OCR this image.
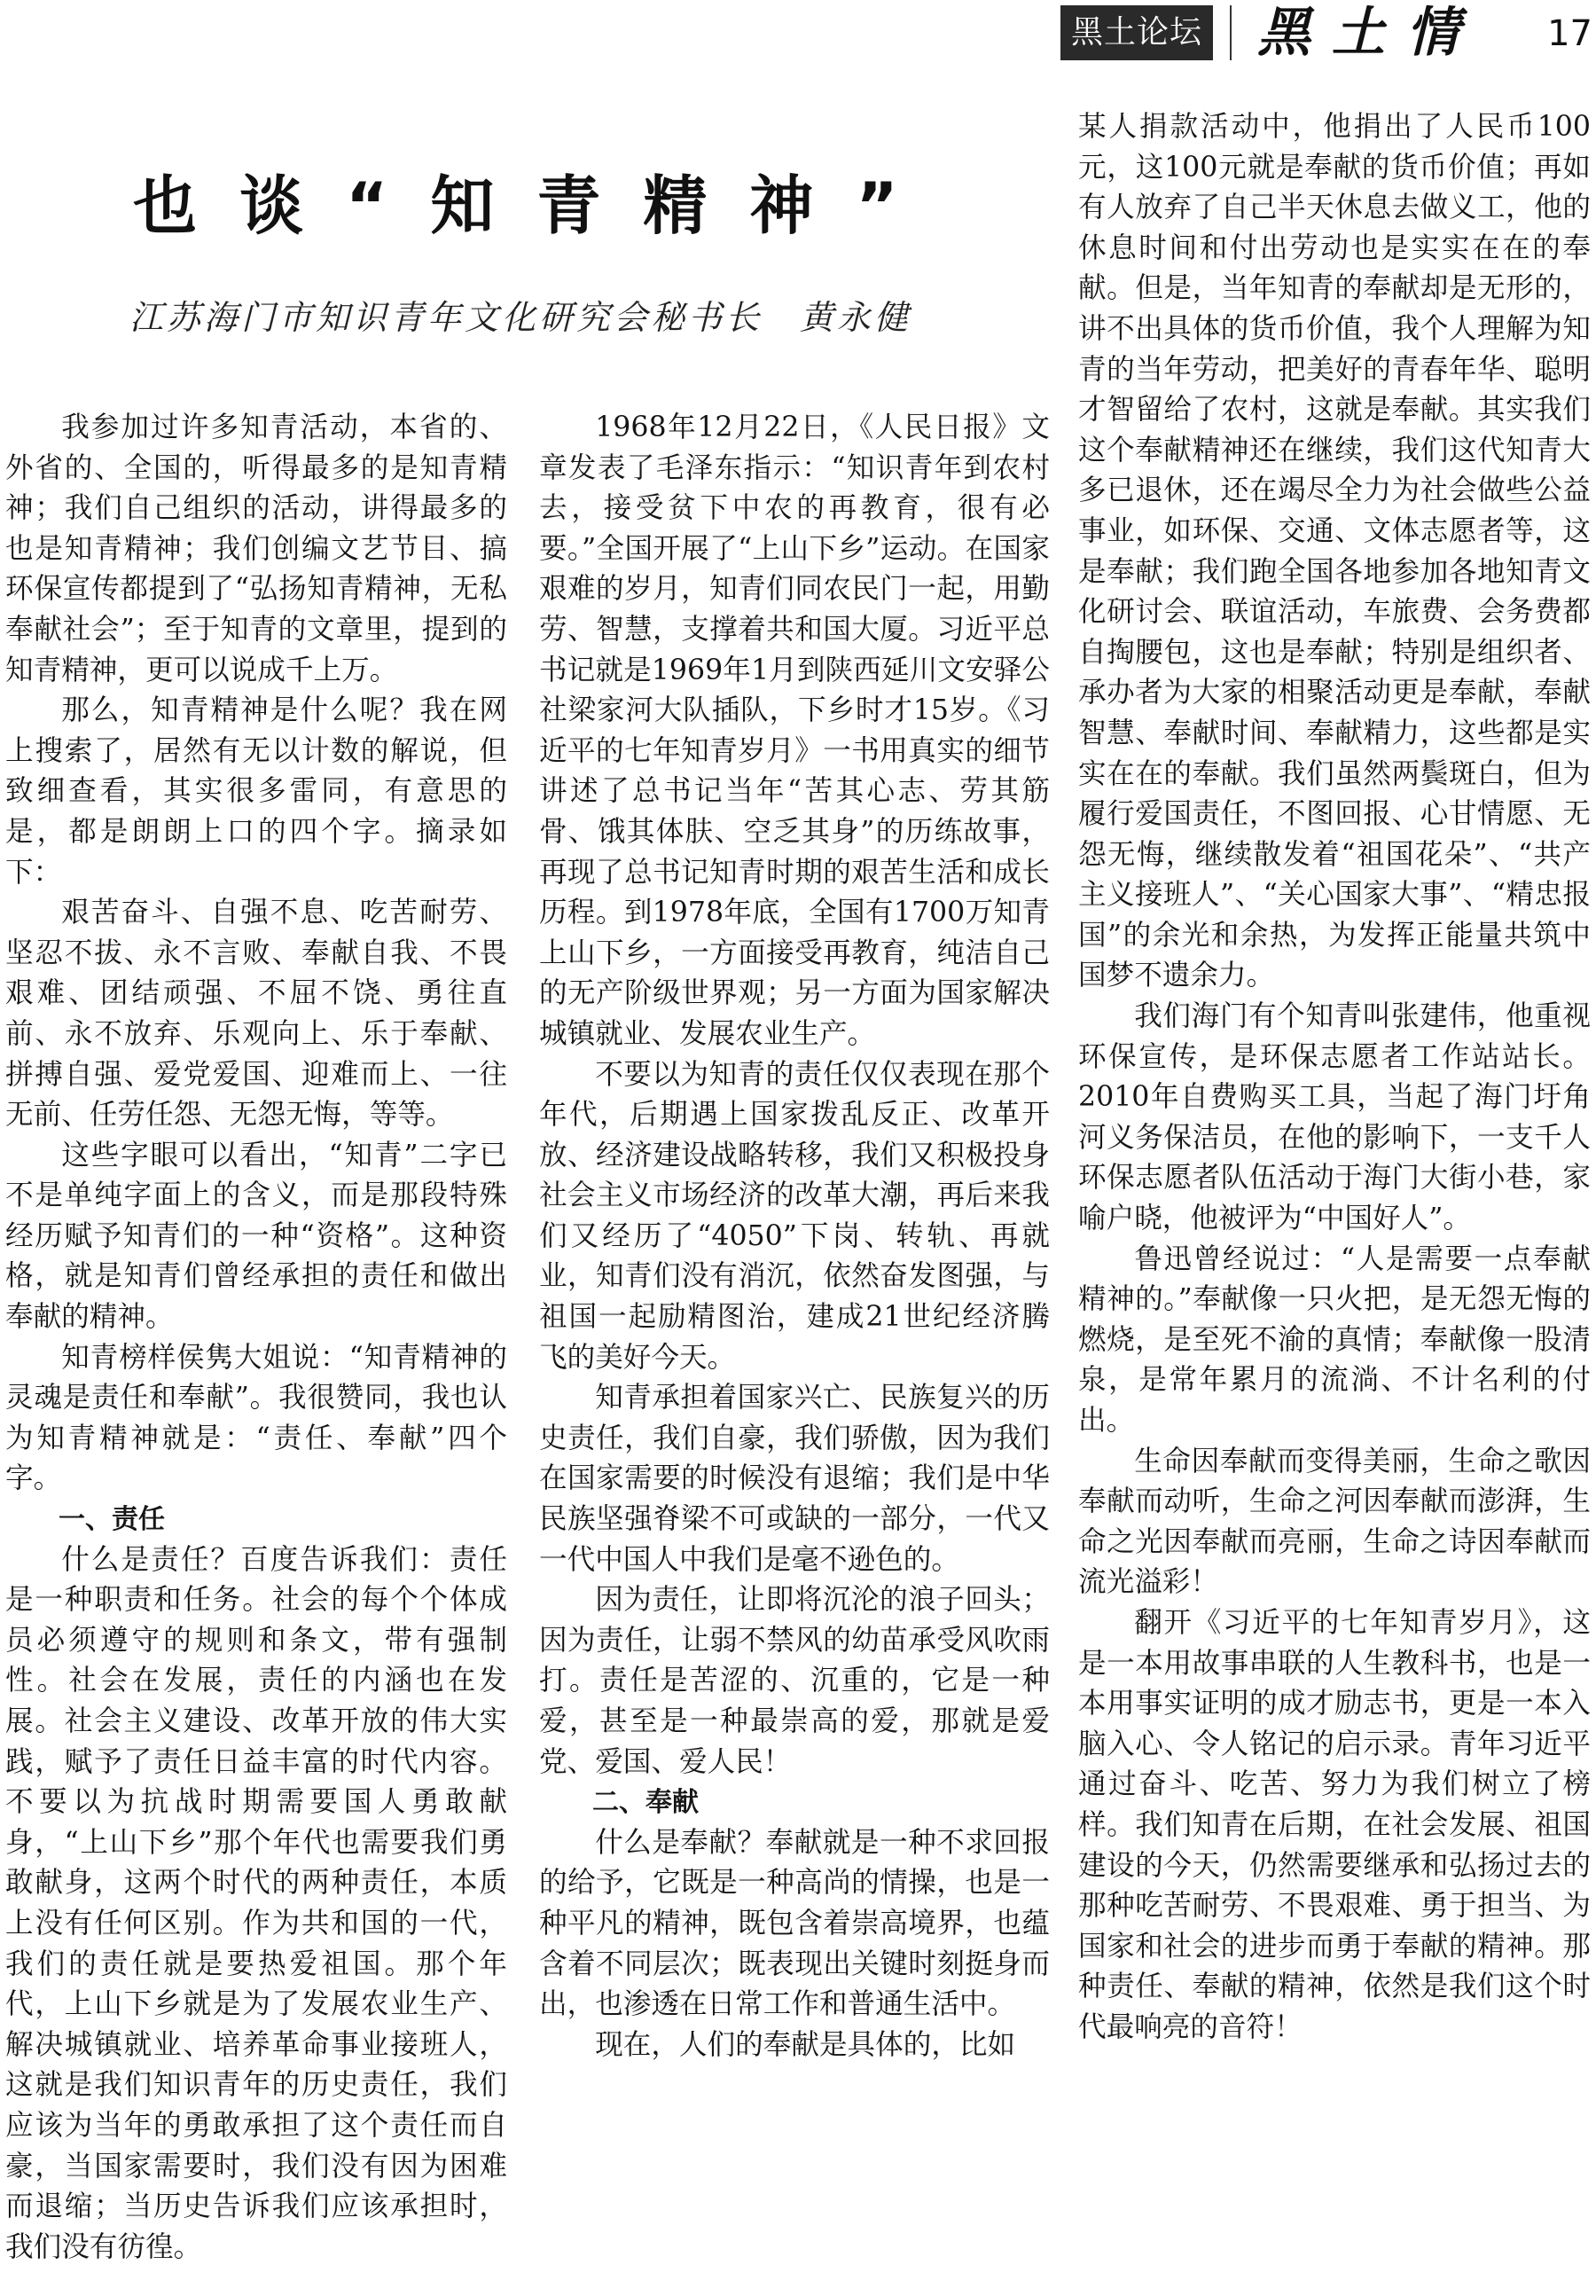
黑土论坛 黑土情 17
也谈“知青精神”
江苏海门市知识青年文化研究会秘书长　黄永健

我参加过许多知青活动，本省的、外省的、全国的，听得最多的是知青精神；我们自己组织的活动，讲得最多的也是知青精神；我们创编文艺节目、搞环保宣传都提到了“弘扬知青精神，无私奉献社会”；至于知青的文章里，提到的知青精神，更可以说成千上万。

那么，知青精神是什么呢？我在网上搜索了，居然有无以计数的解说，但致细查看，其实很多雷同，有意思的是，都是朗朗上口的四个字。摘录如下：

艰苦奋斗、自强不息、吃苦耐劳、坚忍不拔、永不言败、奉献自我、不畏艰难、团结顽强、不屈不饶、勇往直前、永不放弃、乐观向上、乐于奉献、拼搏自强、爱党爱国、迎难而上、一往无前、任劳任怨、无怨无悔，等等。

这些字眼可以看出，“知青”二字已不是单纯字面上的含义，而是那段特殊经历赋予知青们的一种“资格”。这种资格，就是知青们曾经承担的责任和做出奉献的精神。

知青榜样侯隽大姐说：“知青精神的灵魂是责任和奉献”。我很赞同，我也认为知青精神就是：“责任、奉献”四个字。

一、责任

什么是责任？百度告诉我们：责任是一种职责和任务。社会的每个个体成员必须遵守的规则和条文，带有强制性。社会在发展，责任的内涵也在发展。社会主义建设、改革开放的伟大实践，赋予了责任日益丰富的时代内容。不要以为抗战时期需要国人勇敢献身，“上山下乡”那个年代也需要我们勇敢献身，这两个时代的两种责任，本质上没有任何区别。作为共和国的一代，我们的责任就是要热爱祖国。那个年代，上山下乡就是为了发展农业生产、解决城镇就业、培养革命事业接班人，这就是我们知识青年的历史责任，我们应该为当年的勇敢承担了这个责任而自豪，当国家需要时，我们没有因为困难而退缩；当历史告诉我们应该承担时，我们没有彷徨。

1968年12月22日，《人民日报》文章发表了毛泽东指示：“知识青年到农村去，接受贫下中农的再教育，很有必要。”全国开展了“上山下乡”运动。在国家艰难的岁月，知青们同农民门一起，用勤劳、智慧，支撑着共和国大厦。习近平总书记就是1969年1月到陕西延川文安驿公社梁家河大队插队，下乡时才15岁。《习近平的七年知青岁月》一书用真实的细节讲述了总书记当年“苦其心志、劳其筋骨、饿其体肤、空乏其身”的历练故事，再现了总书记知青时期的艰苦生活和成长历程。到1978年底，全国有1700万知青上山下乡，一方面接受再教育，纯洁自己的无产阶级世界观；另一方面为国家解决城镇就业、发展农业生产。

不要以为知青的责任仅仅表现在那个年代，后期遇上国家拨乱反正、改革开放、经济建设战略转移，我们又积极投身社会主义市场经济的改革大潮，再后来我们又经历了“4050”下岗、转轨、再就业，知青们没有消沉，依然奋发图强，与祖国一起励精图治，建成21世纪经济腾飞的美好今天。

知青承担着国家兴亡、民族复兴的历史责任，我们自豪，我们骄傲，因为我们在国家需要的时候没有退缩；我们是中华民族坚强脊梁不可或缺的一部分，一代又一代中国人中我们是毫不逊色的。

因为责任，让即将沉沦的浪子回头；因为责任，让弱不禁风的幼苗承受风吹雨打。责任是苦涩的、沉重的，它是一种爱，甚至是一种最崇高的爱，那就是爱党、爱国、爱人民！

二、奉献

什么是奉献？奉献就是一种不求回报的给予，它既是一种高尚的情操，也是一种平凡的精神，既包含着崇高境界，也蕴含着不同层次；既表现出关键时刻挺身而出，也渗透在日常工作和普通生活中。

现在，人们的奉献是具体的，比如

某人捐款活动中，他捐出了人民币100元，这100元就是奉献的货币价值；再如有人放弃了自己半天休息去做义工，他的休息时间和付出劳动也是实实在在的奉献。但是，当年知青的奉献却是无形的，讲不出具体的货币价值，我个人理解为知青的当年劳动，把美好的青春年华、聪明才智留给了农村，这就是奉献。其实我们这个奉献精神还在继续，我们这代知青大多已退休，还在竭尽全力为社会做些公益事业，如环保、交通、文体志愿者等，这是奉献；我们跑全国各地参加各地知青文化研讨会、联谊活动，车旅费、会务费都自掏腰包，这也是奉献；特别是组织者、承办者为大家的相聚活动更是奉献，奉献智慧、奉献时间、奉献精力，这些都是实实在在的奉献。我们虽然两鬓斑白，但为履行爱国责任，不图回报、心甘情愿、无怨无悔，继续散发着“祖国花朵”、“共产主义接班人”、“关心国家大事”、“精忠报国”的余光和余热，为发挥正能量共筑中国梦不遗余力。

我们海门有个知青叫张建伟，他重视环保宣传，是环保志愿者工作站站长。2010年自费购买工具，当起了海门圩角河义务保洁员，在他的影响下，一支千人环保志愿者队伍活动于海门大街小巷，家喻户晓，他被评为“中国好人”。

鲁迅曾经说过：“人是需要一点奉献精神的。”奉献像一只火把，是无怨无悔的燃烧，是至死不渝的真情；奉献像一股清泉，是常年累月的流淌、不计名利的付出。

生命因奉献而变得美丽，生命之歌因奉献而动听，生命之河因奉献而澎湃，生命之光因奉献而亮丽，生命之诗因奉献而流光溢彩！

翻开《习近平的七年知青岁月》，这是一本用故事串联的人生教科书，也是一本用事实证明的成才励志书，更是一本入脑入心、令人铭记的启示录。青年习近平通过奋斗、吃苦、努力为我们树立了榜样。我们知青在后期，在社会发展、祖国建设的今天，仍然需要继承和弘扬过去的那种吃苦耐劳、不畏艰难、勇于担当、为国家和社会的进步而勇于奉献的精神。那种责任、奉献的精神，依然是我们这个时代最响亮的音符！
